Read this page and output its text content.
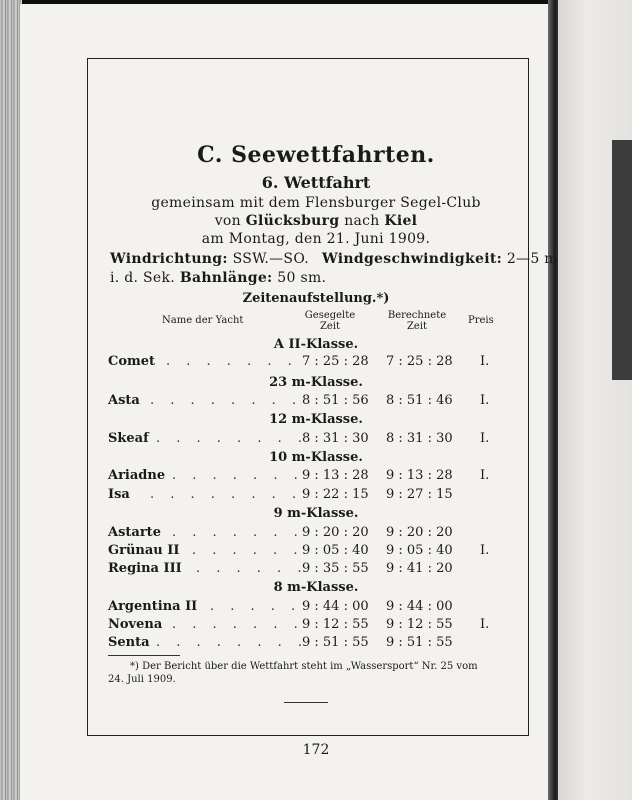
C. Seewettfahrten.
6. Wettfahrt
gemeinsam mit dem Flensburger Segel-Club
von Glücksburg nach Kiel
am Montag, den 21. Juni 1909.
Windrichtung: SSW.—SO. Windgeschwindigkeit: 2—5 m
i. d. Sek. Bahnlänge: 50 sm.
Zeitenaufstellung.*)
Name der Yacht	Gesegelte
Zeit
Berechnete
Zeit
Preis
A II-Klasse.
Comet . . . . . . . 7 : 25 : 28 7 : 25 : 28 I.
23 m-Klasse.
Asta . . . . . . . . 8 : 51 : 56 8 : 51 : 46 I.
12 m-Klasse.
Skeaf . . . . . . . .
8 : 31 : 30 8 : 31 : 30 I.
10 m-Klasse.
Ariadne . . . . . . .
9 : 13 : 28 9 : 13 : 28 I.
Isa . . . . . . . . 9 : 22 : 15 9 : 27 : 15
9 m-Klasse.
Astarte . . . . . . .
9 : 20 : 20 9 : 20 : 20
Grünau II . . . . . .
9 : 05 : 40 9 : 05 : 40 I.
Regina III . . . . . .
9 : 35 : 55 9 : 41 : 20
8 m-Klasse.
Argentina II . . . . . 9 : 44 : 00 9 : 44 : 00
Novena . . . . . . .
9 : 12 : 55 9 : 12 : 55 I.
Senta . . . . . . . .
9 : 51 : 55 9 : 51 : 55
*) Der Bericht über die Wettfahrt steht im „Wassersport“ Nr. 25 vom
24. Juli 1909.
172
